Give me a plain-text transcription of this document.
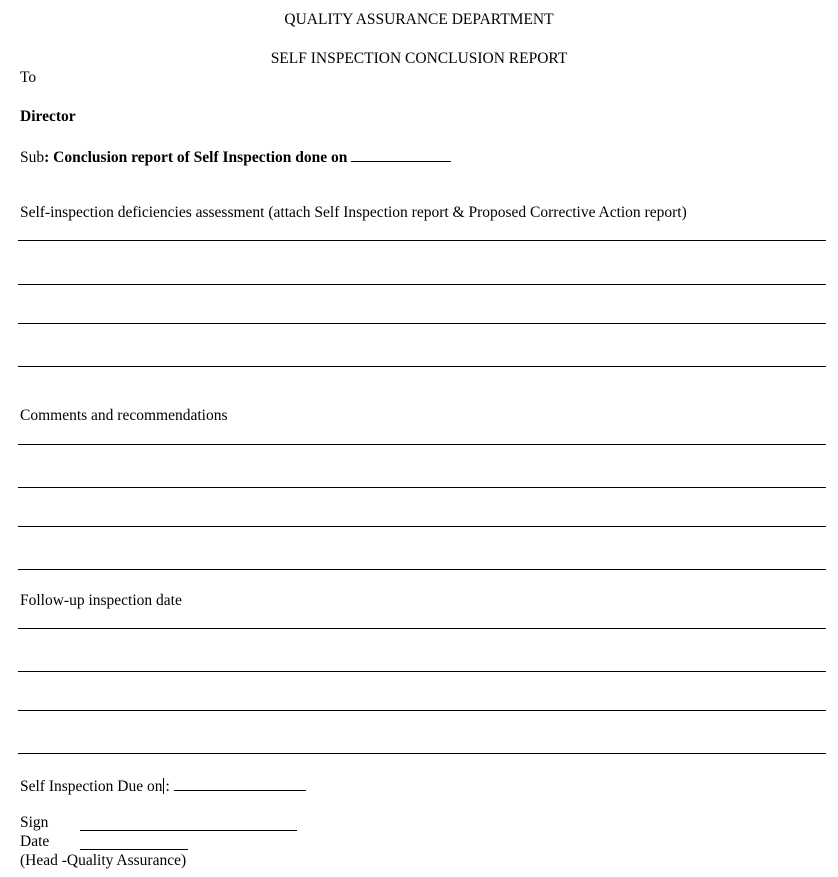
QUALITY ASSURANCE DEPARTMENT
SELF INSPECTION CONCLUSION REPORT
To
Director
Sub: Conclusion report of Self Inspection done on
Self-inspection deficiencies assessment (attach Self Inspection report & Proposed Corrective Action report)
Comments and recommendations
Follow-up inspection date
Self Inspection Due on :
Sign
Date
(Head -Quality Assurance)
